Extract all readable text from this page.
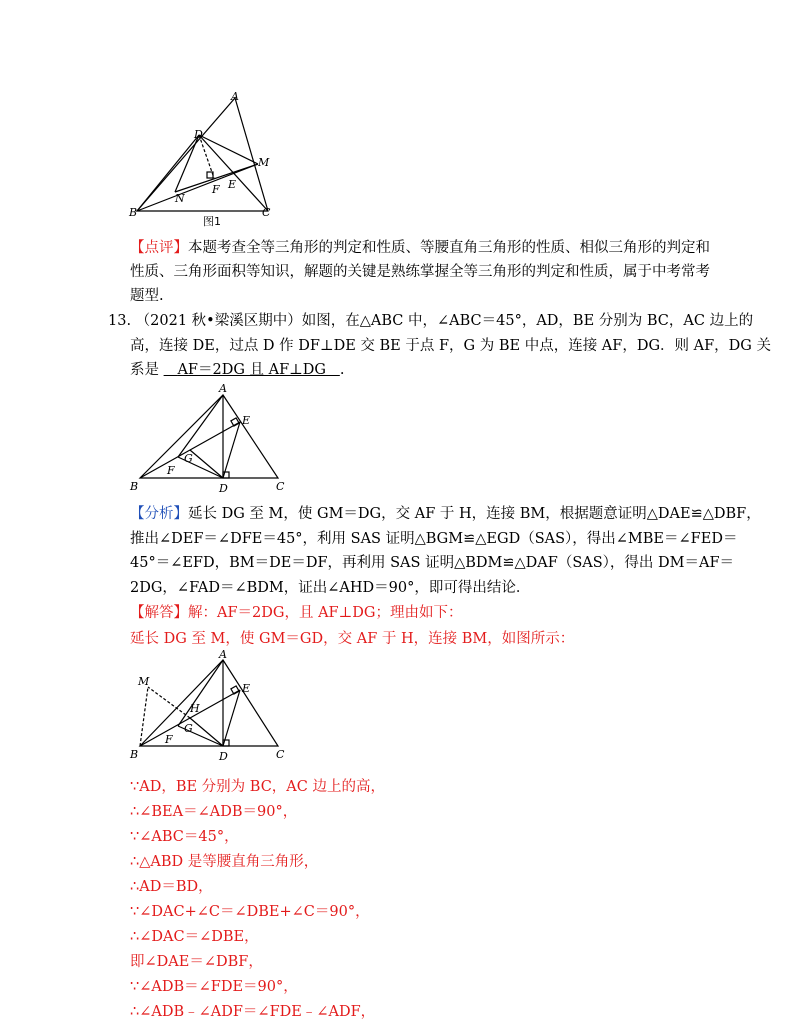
A
D
M
E
F
N
B	C
图1
【点评】本题考查全等三角形的判定和性质、等腰直角三角形的性质、相似三角形的判定和
性质、三角形面积等知识，解题的关键是熟练掌握全等三角形的判定和性质，属于中考常考
题型.
13. （2021 秋•梁溪区期中）如图，在△ABC 中，∠ABC＝45°，AD，BE 分别为 BC，AC 边上的
高，连接 DE，过点 D 作 DF⊥DE 交 BE 于点 F，G 为 BE 中点，连接 AF，DG．则 AF，DG 关
系是 AF＝2DG 且 AF⊥DG .
A
E
G
F
B	D	C
【分析】延长 DG 至 M，使 GM＝DG，交 AF 于 H，连接 BM，根据题意证明△DAE≌△DBF，
推出∠DEF＝∠DFE＝45°，利用 SAS 证明△BGM≌△EGD（SAS），得出∠MBE＝∠FED＝
45°＝∠EFD，BM＝DE＝DF，再利用 SAS 证明△BDM≌△DAF（SAS），得出 DM＝AF＝
2DG，∠FAD＝∠BDM，证出∠AHD＝90°，即可得出结论．
【解答】解：AF＝2DG，且 AF⊥DG；理由如下：
延长 DG 至 M，使 GM＝GD，交 AF 于 H，连接 BM，如图所示：
A
M
E
H
G
F
B	D	C
∵AD，BE 分别为 BC，AC 边上的高，
∴∠BEA＝∠ADB＝90°，
∵∠ABC＝45°，
∴△ABD 是等腰直角三角形，
∴AD＝BD，
∵∠DAC+∠C＝∠DBE+∠C＝90°，
∴∠DAC＝∠DBE，
即∠DAE＝∠DBF，
∵∠ADB＝∠FDE＝90°，
∴∠ADB﹣∠ADF＝∠FDE﹣∠ADF，
